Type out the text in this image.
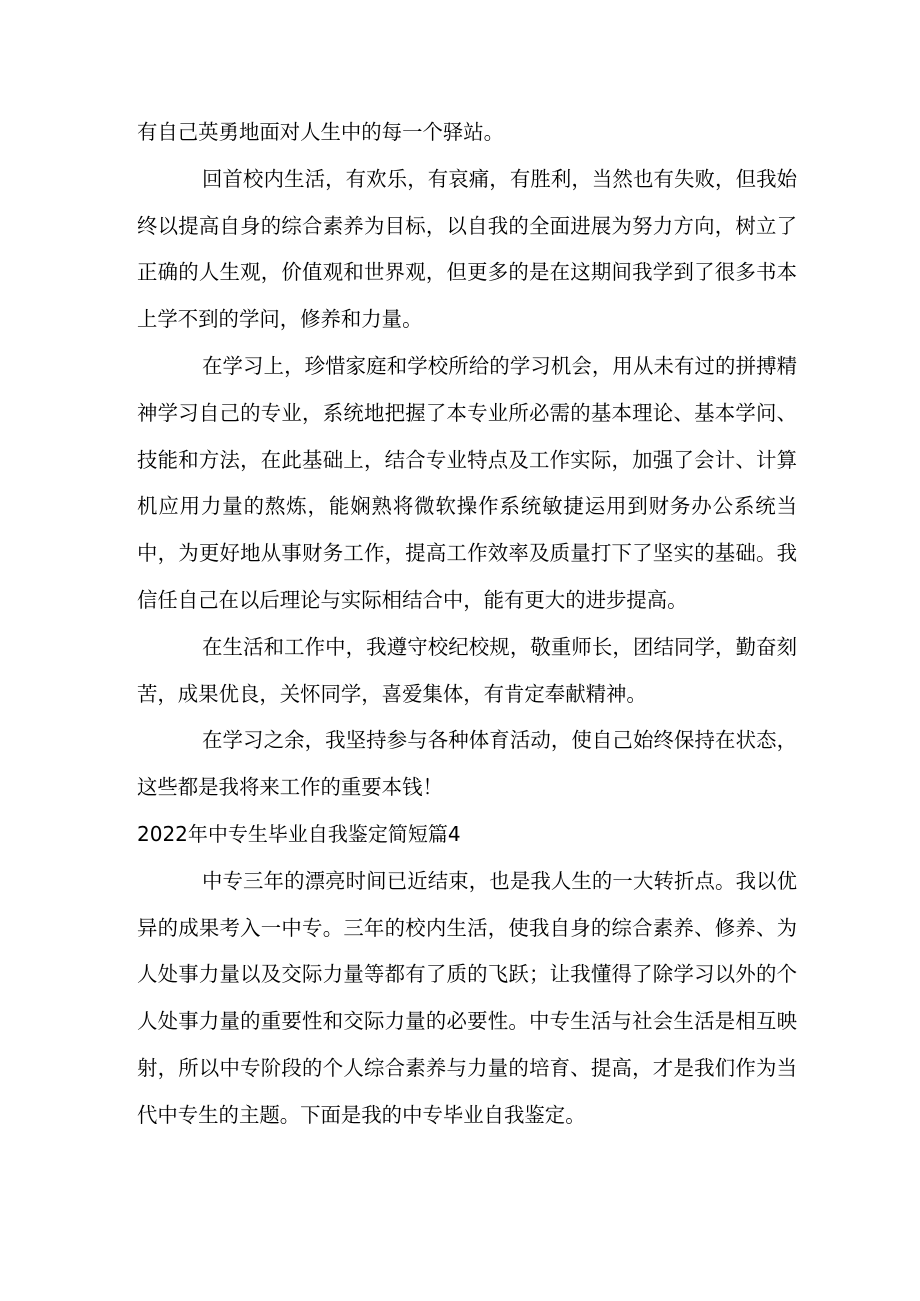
有自己英勇地面对人生中的每一个驿站。

回首校内生活，有欢乐，有哀痛，有胜利，当然也有失败，但我始终以提高自身的综合素养为目标，以自我的全面进展为努力方向，树立了正确的人生观，价值观和世界观，但更多的是在这期间我学到了很多书本上学不到的学问，修养和力量。

在学习上，珍惜家庭和学校所给的学习机会，用从未有过的拼搏精神学习自己的专业，系统地把握了本专业所必需的基本理论、基本学问、技能和方法，在此基础上，结合专业特点及工作实际，加强了会计、计算机应用力量的熬炼，能娴熟将微软操作系统敏捷运用到财务办公系统当中，为更好地从事财务工作，提高工作效率及质量打下了坚实的基础。我信任自己在以后理论与实际相结合中，能有更大的进步提高。

在生活和工作中，我遵守校纪校规，敬重师长，团结同学，勤奋刻苦，成果优良，关怀同学，喜爱集体，有肯定奉献精神。

在学习之余，我坚持参与各种体育活动，使自己始终保持在状态，这些都是我将来工作的重要本钱！

2022年中专生毕业自我鉴定简短篇4

中专三年的漂亮时间已近结束，也是我人生的一大转折点。我以优异的成果考入一中专。三年的校内生活，使我自身的综合素养、修养、为人处事力量以及交际力量等都有了质的飞跃；让我懂得了除学习以外的个人处事力量的重要性和交际力量的必要性。中专生活与社会生活是相互映射，所以中专阶段的个人综合素养与力量的培育、提高，才是我们作为当代中专生的主题。下面是我的中专毕业自我鉴定。
